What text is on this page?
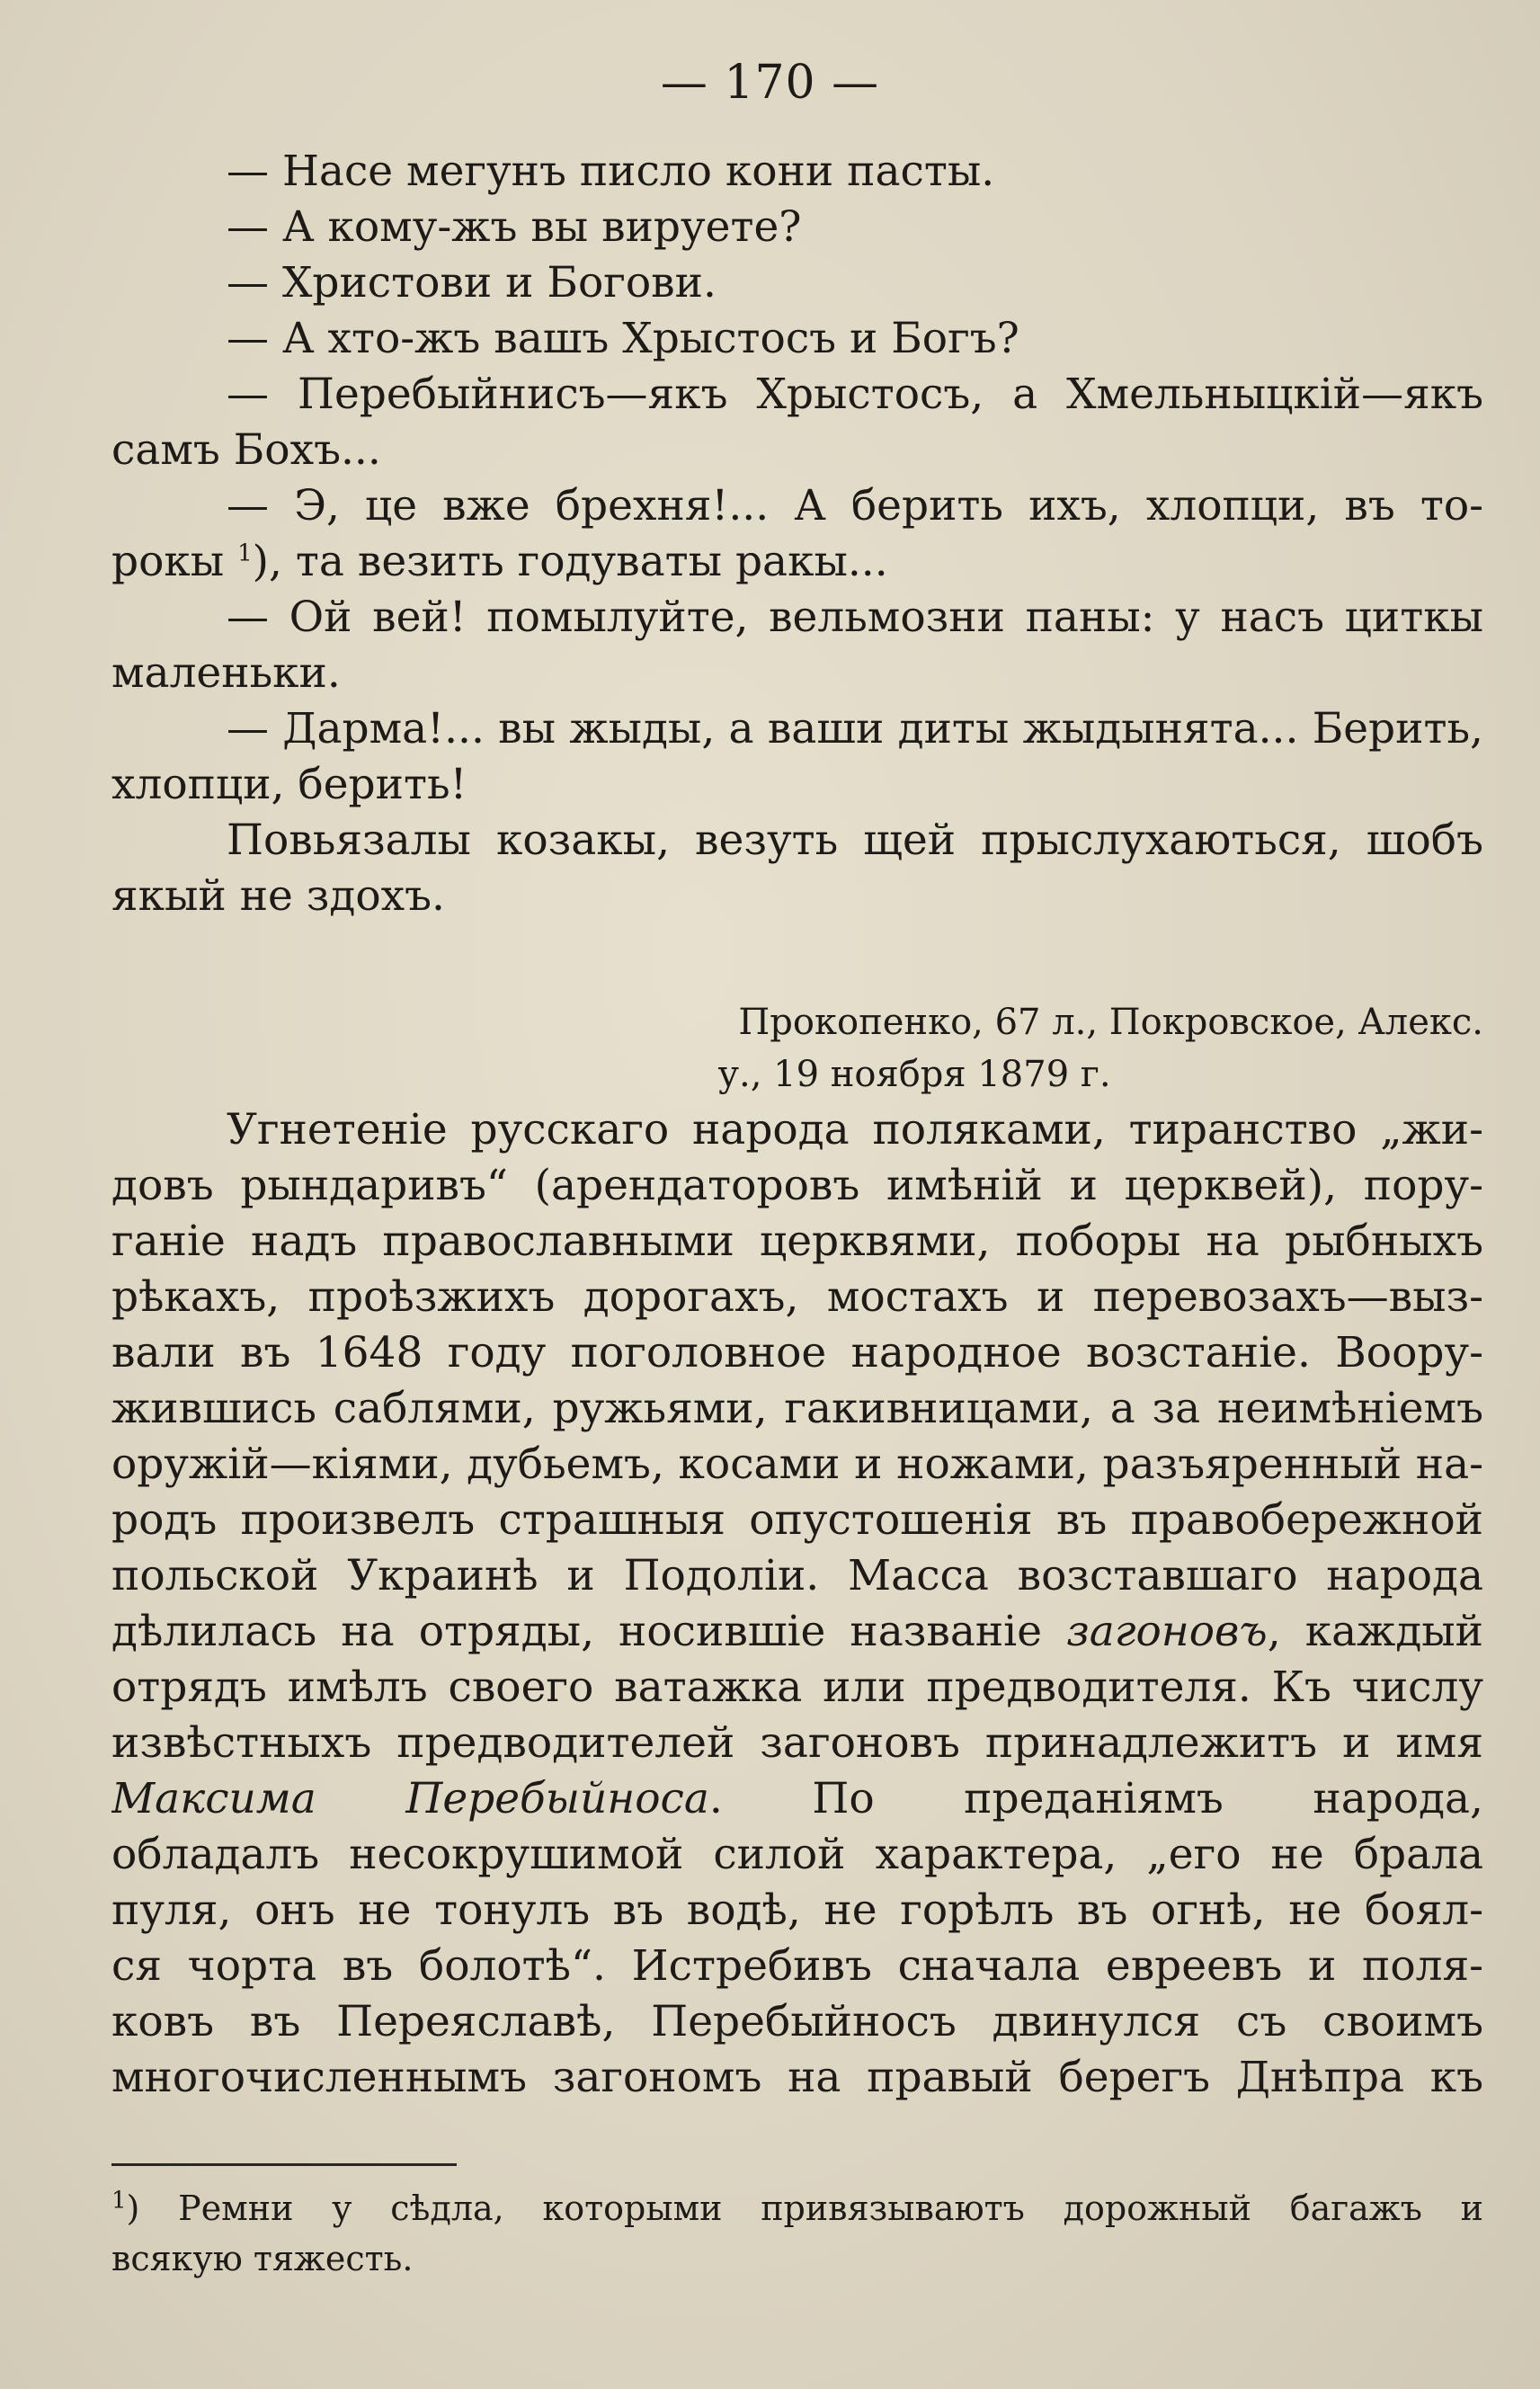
— 170 —
— Насе мегунъ писло кони пасты.
— А кому-жъ вы вируете?
— Христови и Богови.
— А хто-жъ вашъ Хрыстосъ и Богъ?
— Перебыйнисъ—якъ Хрыстосъ, а Хмельныцкій—якъ
самъ Бохъ...
— Э, це вже брехня!... А берить ихъ, хлопци, въ то-
рокы $^1$), та везить годуваты ракы...
— Ой вей! помылуйте, вельмозни паны: у насъ циткы
маленьки.
— Дарма!... вы жыды, а ваши диты жыдынята... Берить,
хлопци, берить!
Повьязалы козакы, везуть щей прыслухаються, шобъ
якый не здохъ.
Прокопенко, 67 л., Покровское, Алекс.
у., 19 ноября 1879 г.
Угнетеніе русскаго народа поляками, тиранство „жи-
довъ рындаривъ“ (арендаторовъ имѣній и церквей), пору-
ганіе надъ православными церквями, поборы на рыбныхъ
рѣкахъ, проѣзжихъ дорогахъ, мостахъ и перевозахъ—выз-
вали въ 1648 году поголовное народное возстаніе. Воору-
жившись саблями, ружьями, гакивницами, а за неимѣніемъ
оружій—кіями, дубьемъ, косами и ножами, разъяренный на-
родъ произвелъ страшныя опустошенія въ правобережной
польской Украинѣ и Подоліи. Масса возставшаго народа
дѣлилась на отряды, носившіе названіе загоновъ, каждый
отрядъ имѣлъ своего ватажка или предводителя. Къ числу
извѣстныхъ предводителей загоновъ принадлежитъ и имя
Максима Перебыйноса. По преданіямъ народа,
обладалъ несокрушимой силой характера, „его не брала
пуля, онъ не тонулъ въ водѣ, не горѣлъ въ огнѣ, не боял-
ся чорта въ болотѣ“. Истребивъ сначала евреевъ и поля-
ковъ въ Переяславѣ, Перебыйносъ двинулся съ своимъ
многочисленнымъ загономъ на правый берегъ Днѣпра къ
$^1$) Ремни у сѣдла, которыми привязываютъ дорожный багажъ и
всякую тяжесть.
